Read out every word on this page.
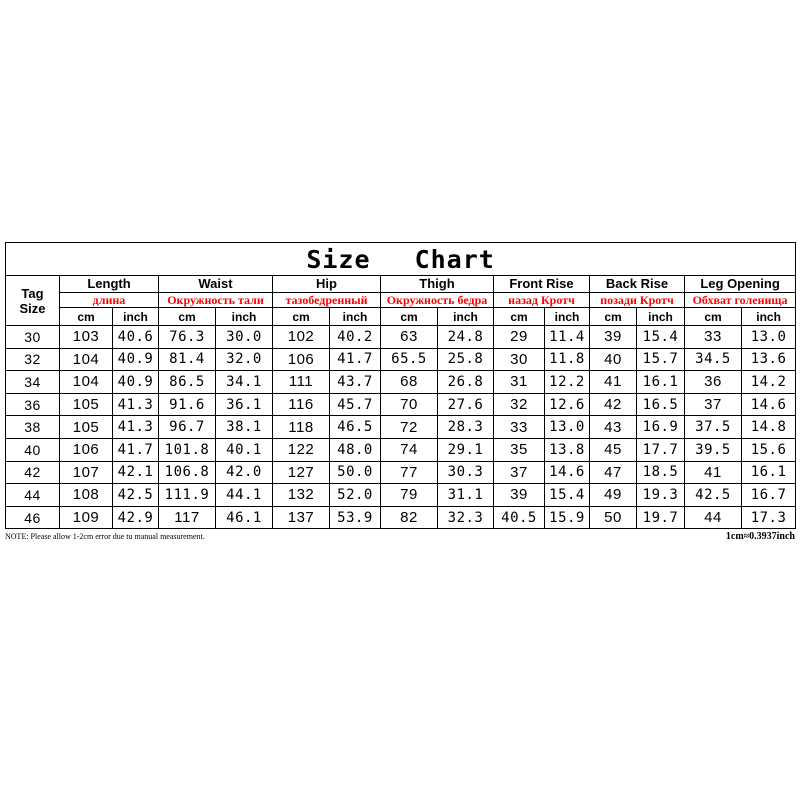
Size Chart														

Tag
Size	Length		Waist		Hip		Thigh		Front Rise		Back Rise		Leg Opening	
	длина		Окружность тали		тазобедренный		Окружность бедра		назад Кротч		позади Кротч		Обхват голенища	
	cm	inch	cm	inch	cm	inch	cm	inch	cm	inch	cm	inch	cm	inch
30	103	40.6	76.3	30.0	102	40.2	63	24.8	29	11.4	39	15.4	33	13.0
32	104	40.9	81.4	32.0	106	41.7	65.5	25.8	30	11.8	40	15.7	34.5	13.6
34	104	40.9	86.5	34.1	111	43.7	68	26.8	31	12.2	41	16.1	36	14.2
36	105	41.3	91.6	36.1	116	45.7	70	27.6	32	12.6	42	16.5	37	14.6
38	105	41.3	96.7	38.1	118	46.5	72	28.3	33	13.0	43	16.9	37.5	14.8
40	106	41.7	101.8	40.1	122	48.0	74	29.1	35	13.8	45	17.7	39.5	15.6
42	107	42.1	106.8	42.0	127	50.0	77	30.3	37	14.6	47	18.5	41	16.1
44	108	42.5	111.9	44.1	132	52.0	79	31.1	39	15.4	49	19.3	42.5	16.7
46	109	42.9	117	46.1	137	53.9	82	32.3	40.5	15.9	50	19.7	44	17.3
NOTE: Please allow 1-2cm error due tu manual measurement.	1cm≈0.3937inch
